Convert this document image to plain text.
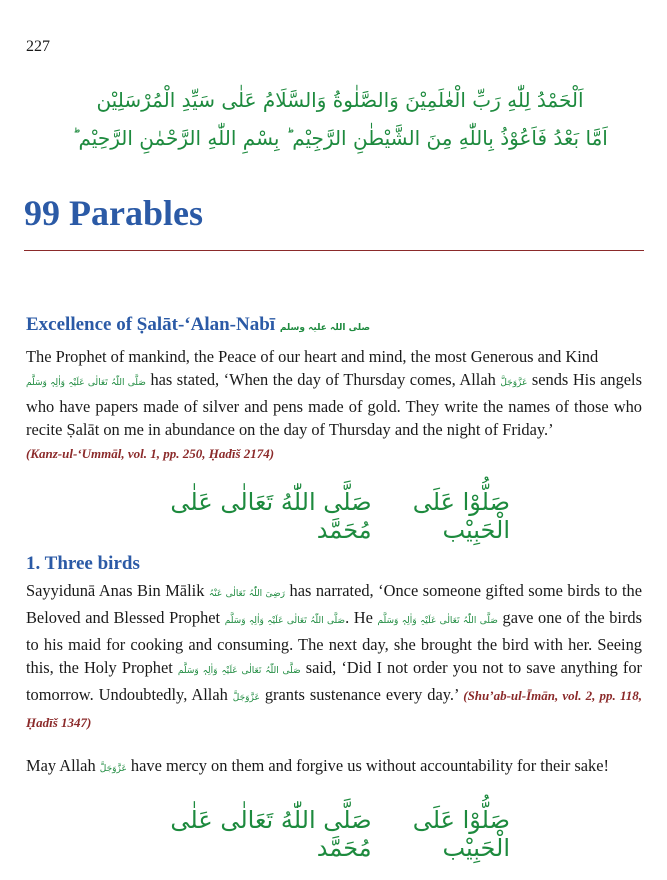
227
اَلْحَمْدُ لِلّٰهِ رَبِّ الْعٰلَمِیْنَ وَالصَّلٰوةُ وَالسَّلَامُ عَلٰی سَیِّدِ الْمُرْسَلِیْن
اَمَّا بَعْدُ فَاَعُوْذُ بِاللّٰهِ مِنَ الشَّیْطٰنِ الرَّجِیْم ؕ بِسْمِ اللّٰهِ الرَّحْمٰنِ الرَّحِیْم ؕ
99 Parables
Excellence of Ṣalāt-‘Alan-Nabī صلی اللہ علیہ وسلم

The Prophet of mankind, the Peace of our heart and mind, the most Generous and Kind
صَلَّی اللّٰہُ تَعَالٰی عَلَیْہِ وَاٰلِہٖ وَسَلَّم has stated, ‘When the day of Thursday comes, Allah عَزَّوَجَلَّ sends His angels who have papers made of silver and pens made of gold. They write the names of those who recite Ṣalāt on me in abundance on the day of Thursday and the night of Friday.’
(Kanz-ul-‘Ummāl, vol. 1, pp. 250, Ḥadīš 2174)

صَلُّوْا عَلَی الْحَبِیْب
صَلَّی اللّٰهُ تَعَالٰی عَلٰی مُحَمَّد
1. Three birds

Sayyidunā Anas Bin Mālik رَضِیَ اللّٰہُ تَعَالٰی عَنْہُ has narrated, ‘Once someone gifted some birds to the Beloved and Blessed Prophet صَلَّی اللّٰہُ تَعَالٰی عَلَیْہِ وَاٰلِہٖ وَسَلَّم. He صَلَّی اللّٰہُ تَعَالٰی عَلَیْہِ وَاٰلِہٖ وَسَلَّم gave one of the birds to his maid for cooking and consuming. The next day, she brought the bird with her. Seeing this, the Holy Prophet صَلَّی اللّٰہُ تَعَالٰی عَلَیْہِ وَاٰلِہٖ وَسَلَّم said, ‘Did I not order you not to save anything for tomorrow. Undoubtedly, Allah عَزَّوَجَلَّ grants sustenance every day.’ (Shu’ab-ul-Īmān, vol. 2, pp. 118, Ḥadīš 1347)

May Allah عَزَّوَجَلَّ have mercy on them and forgive us without accountability for their sake!

صَلُّوْا عَلَی الْحَبِیْب
صَلَّی اللّٰهُ تَعَالٰی عَلٰی مُحَمَّد
